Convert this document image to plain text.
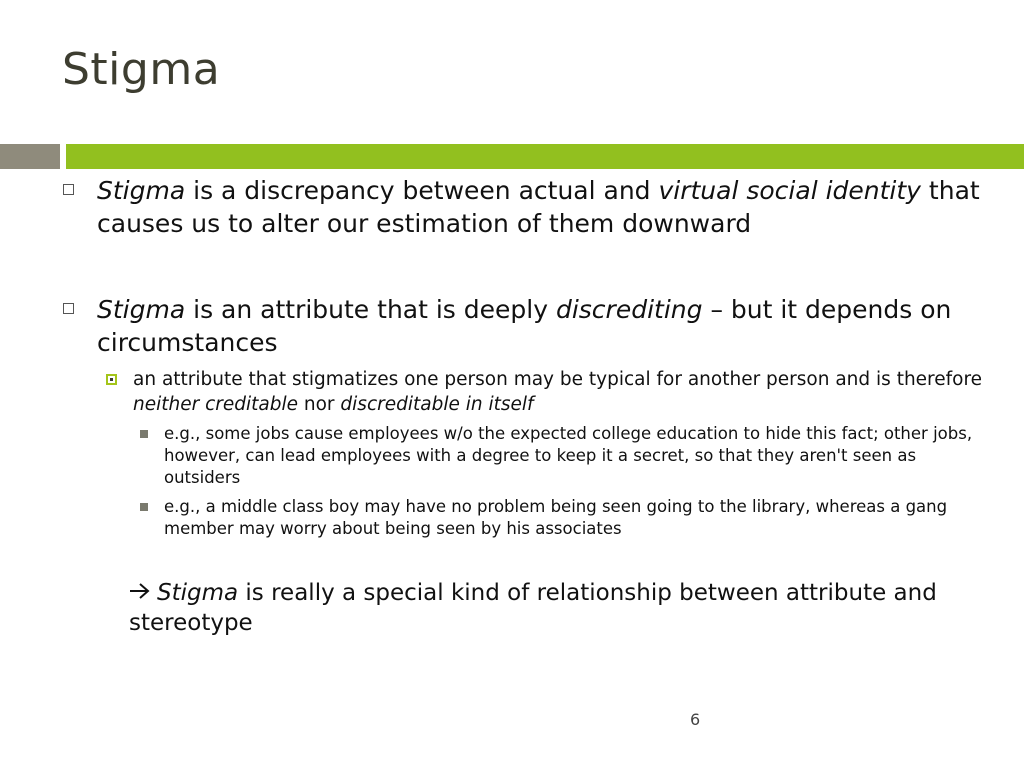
Stigma
Stigma is a discrepancy between actual and virtual social identity that causes us to alter our estimation of them downward
Stigma is an attribute that is deeply discrediting – but it depends on circumstances
an attribute that stigmatizes one person may be typical for another person and is therefore neither creditable nor discreditable in itself
e.g., some jobs cause employees w/o the expected college education to hide this fact; other jobs, however, can lead employees with a degree to keep it a secret, so that they aren't seen as outsiders
e.g., a middle class boy may have no problem being seen going to the library, whereas a gang member may worry about being seen by his associates
Stigma is really a special kind of relationship between attribute and stereotype
6
